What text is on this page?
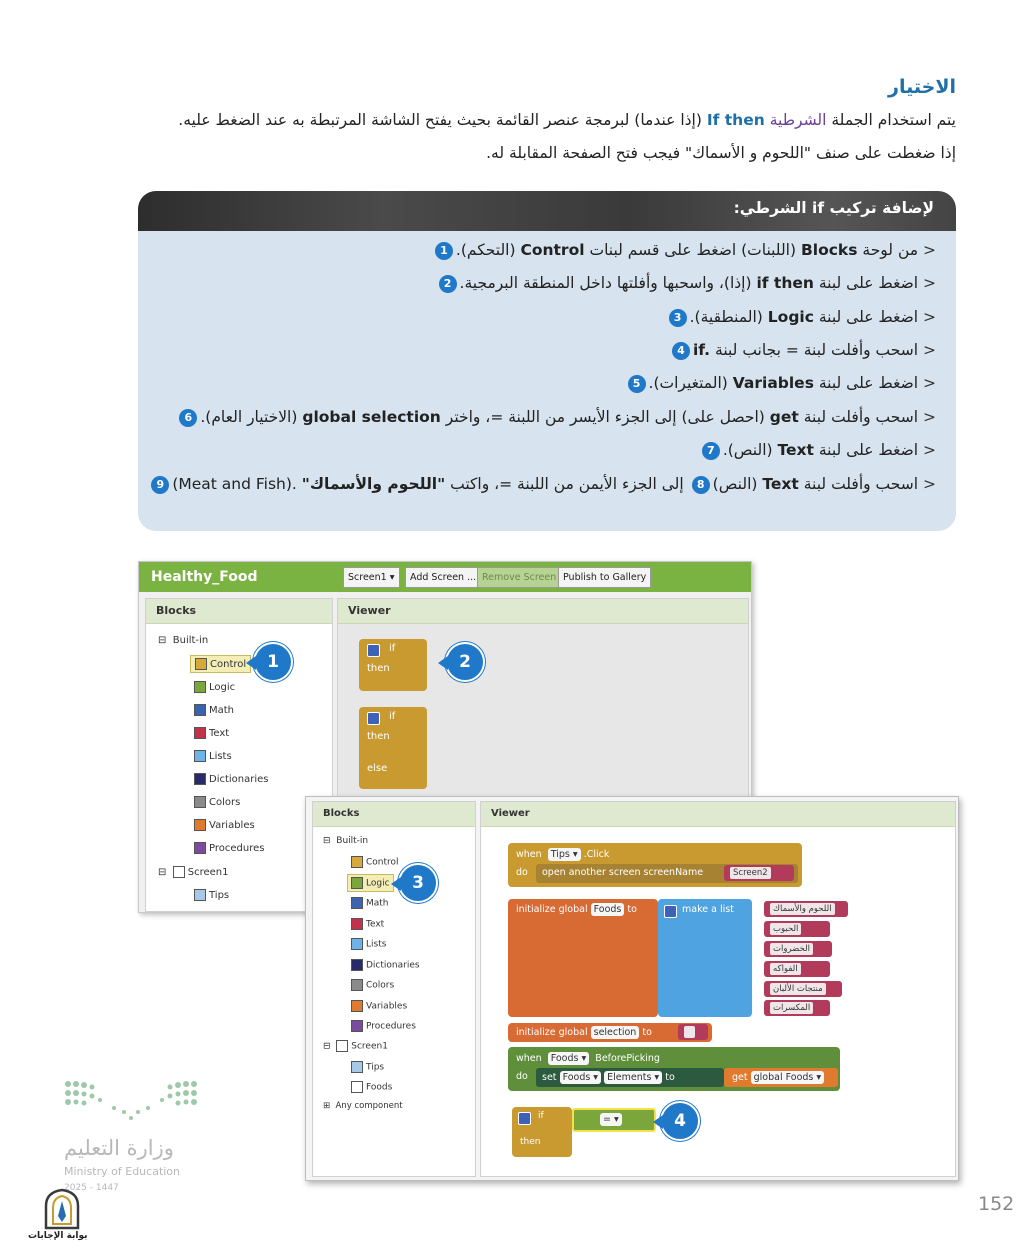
الاختيار
يتم استخدام الجملة الشرطية If then (إذا عندما) لبرمجة عنصر القائمة بحيث يفتح الشاشة المرتبطة به عند الضغط عليه.
إذا ضغطت على صنف "اللحوم و الأسماك" فيجب فتح الصفحة المقابلة له.
لإضافة تركيب if الشرطي:
< من لوحة Blocks (اللبنات) اضغط على قسم لبنات Control (التحكم).1
< اضغط على لبنة if then (إذا)، واسحبها وأفلتها داخل المنطقة البرمجية.2
< اضغط على لبنة Logic (المنطقية).3
< اسحب وأفلت لبنة = بجانب لبنة if.4
< اضغط على لبنة Variables (المتغيرات).5
< اسحب وأفلت لبنة get (احصل على) إلى الجزء الأيسر من اللبنة =، واختر global selection (الاختيار العام).6
< اضغط على لبنة Text (النص).7
< اسحب وأفلت لبنة Text (النص)8 إلى الجزء الأيمن من اللبنة =، واكتب "اللحوم والأسماك" (Meat and Fish).9
Healthy_Food	Screen1 ▾	Add Screen ... Remove Screen Publish to Gallery
Blocks
⊟  Built-in
Control
Logic
Math
Text
Lists
Dictionaries
Colors
Variables
Procedures
⊟  Screen1
Tips
Viewer
1
if
then	2
if
then
else
Blocks
⊟  Built-in
Control
Logic
Math
Text
Lists
Dictionaries
Colors
Variables
Procedures
⊟  Screen1
Tips
Foods
⊞  Any component
3
Viewer
when Tips ▾ .Click
do open another screen screenName	Screen2
initialize global Foods to	make a list	اللحوم والأسماك
الحبوب
الخضروات
الفواكه
منتجات الألبان
المكسرات
initialize global selection to

when Foods ▾ BeforePicking
do set Foods ▾ Elements ▾ to	get global Foods ▾
if
then
= ▾	4
وزارة التعليم
Ministry of Education
2025 - 1447
بوابة الإجابات
152
